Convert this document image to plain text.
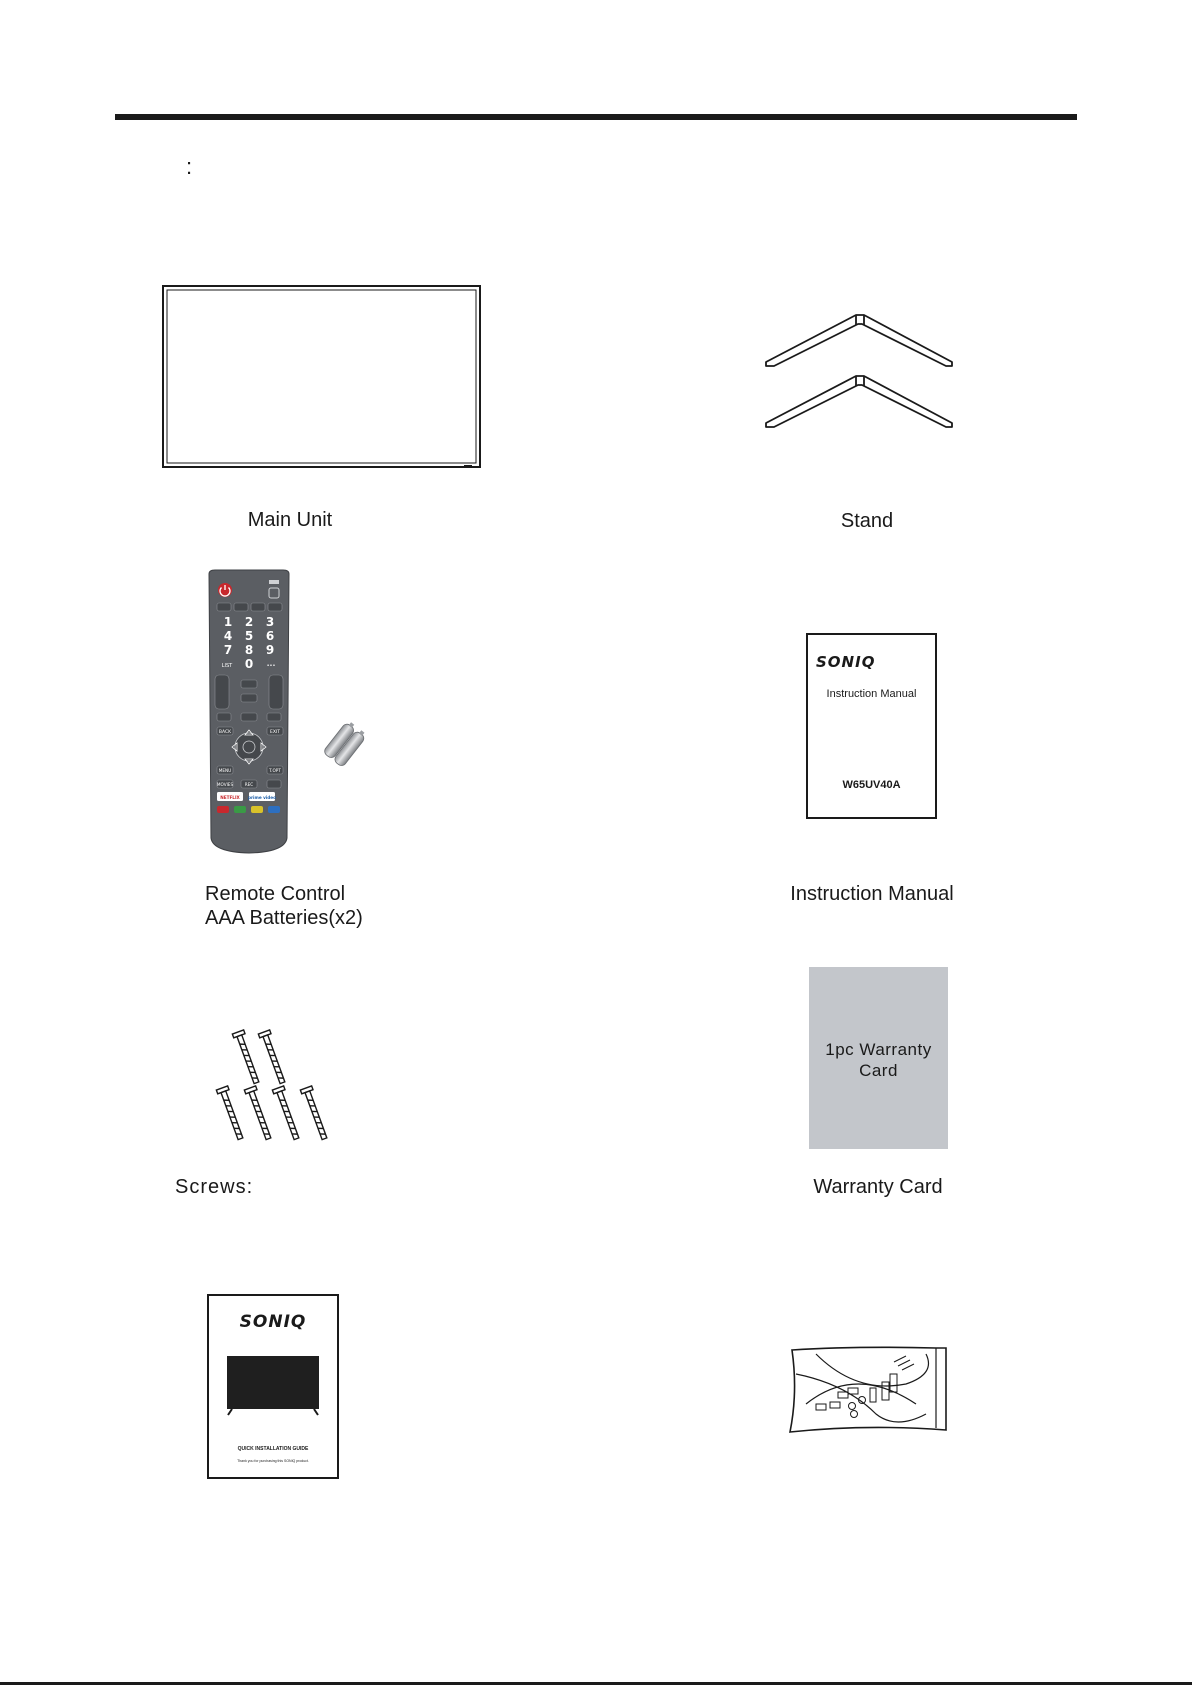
:
Main Unit	Stand
1 2 3
4 5 6
7 8 9
0
LIST	•••
BACK	EXIT
MENU	T.OPT
MOVIES	REC
NETFLIX prime video
Remote Control
AAA Batteries(x2)
SONIQ
Instruction Manual
W65UV40A
Instruction Manual
Screws:
1pc Warranty
Card
Warranty Card
SONIQ
QUICK INSTALLATION GUIDE
Thank you for purchasing this SONIQ product.
